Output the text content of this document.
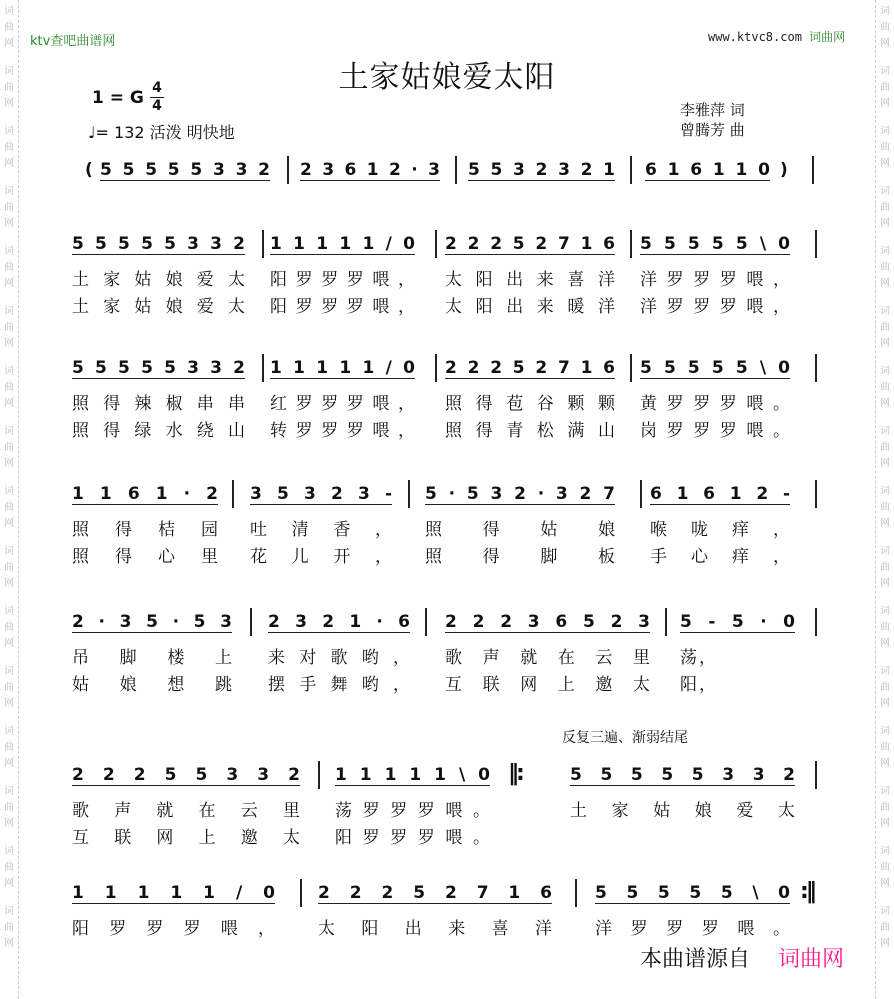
词曲网
词曲网
词曲网
词曲网
词曲网
词曲网
词曲网
词曲网
词曲网
词曲网
词曲网
词曲网
词曲网
词曲网
词曲网
词曲网
词曲网
词曲网
词曲网
词曲网
词曲网
词曲网
词曲网
词曲网
词曲网
词曲网
词曲网
词曲网
词曲网
词曲网
词曲网
词曲网
ktv查吧曲谱网	www.ktvc8.com 词曲网
土家姑娘爱太阳
1 = G $\frac{4}{4}$
♩= 132 活泼 明快地
李雅萍 词
曾腾芳 曲
(	)
5 5 5 5 5 3 3 2 2 3 6 1 2 · 3 5 5 3 2 3 2 1 6 1 6 1 1 0
5 5 5 5 5 3 3 2
土家姑娘爱太
土家姑娘爱太
1 1 1 1 1 / 0
阳罗罗罗喂，
阳罗罗罗喂，
2 2 2 5 2 7 1 6
太阳出来喜洋
太阳出来暖洋
5 5 5 5 5 \ 0
洋罗罗罗喂，
洋罗罗罗喂，
5 5 5 5 5 3 3 2
照得辣椒串串
照得绿水绕山
1 1 1 1 1 / 0
红罗罗罗喂，
转罗罗罗喂，
2 2 2 5 2 7 1 6
照得苞谷颗颗
照得青松满山
5 5 5 5 5 \ 0
黄罗罗罗喂。
岗罗罗罗喂。
1 1 6 1 · 2
照得桔园
照得心里
3 5 3 2 3 -
吐清香，
花儿开，
5 · 5 3 2 · 3 2 7
照得姑娘
照得脚板
6 1 6 1 2 -
喉咙痒，
手心痒，
2 · 3 5 · 5 3
吊脚楼上
姑娘想跳
2 3 2 1 · 6
来对歌哟，
摆手舞哟，
2 2 2 3 6 5 2 3
歌声就在云里
互联网上邀太
5 - 5 · 0
荡，
阳，
2 2 2 5 5 3 3 2
歌声就在云里
互联网上邀太
1 1 1 1 1 \ 0
荡罗罗罗喂。
阳罗罗罗喂。
5 5 5 5 5 3 3 2
土家姑娘爱太
1 1 1 1 1 / 0
阳罗罗罗喂，
2 2 2 5 2 7 1 6
太阳出来喜洋
5 5 5 5 5 \ 0
洋罗罗罗喂。
‖:
:‖
反复三遍、渐弱结尾
本曲谱源自 词曲网
